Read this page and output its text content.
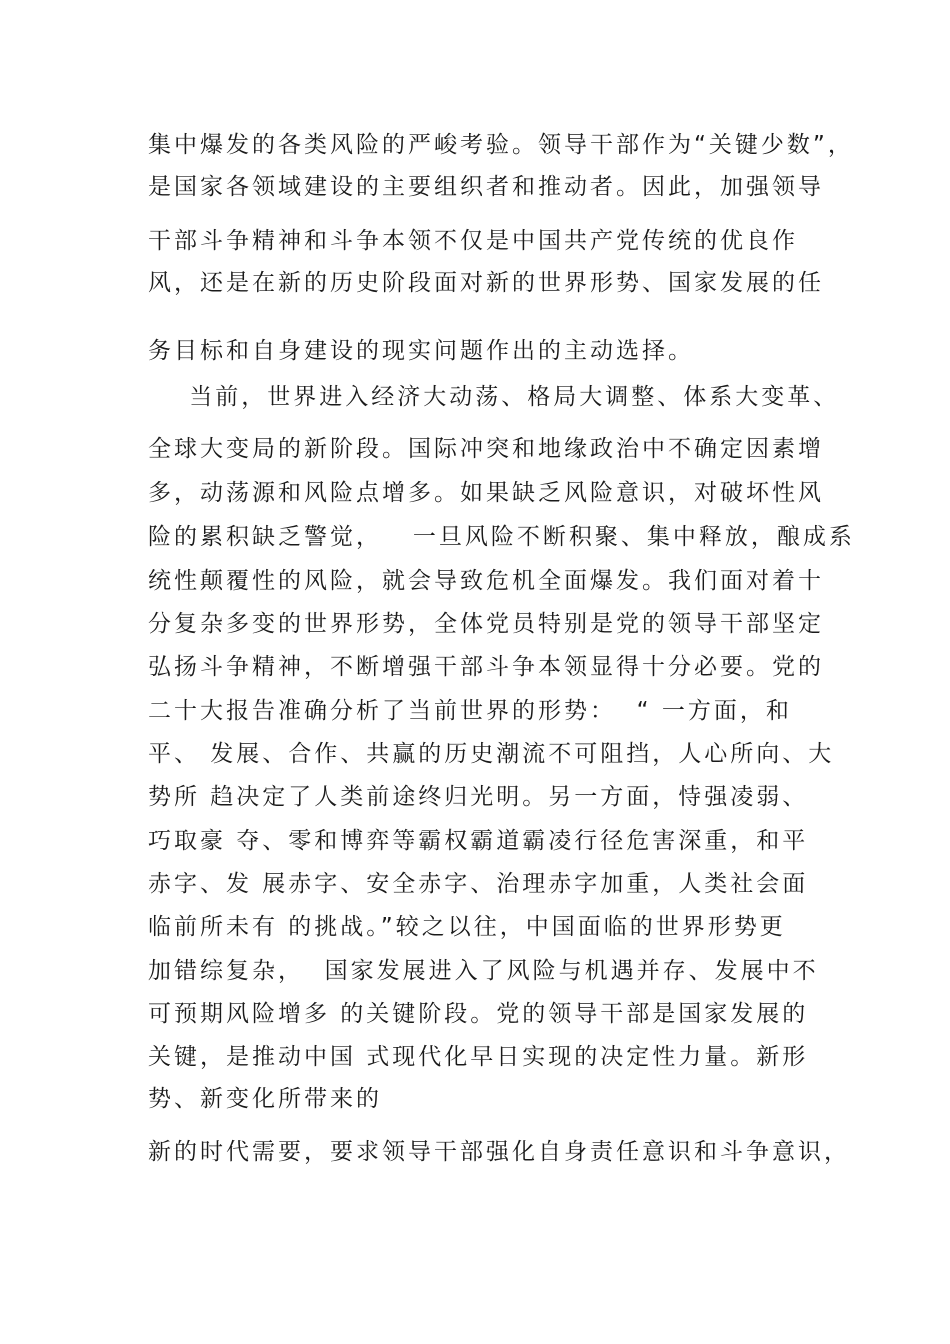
集中爆发的各类风险的严峻考验。领导干部作为“关键少数”，
是国家各领域建设的主要组织者和推动者。因此，加强领导
干部斗争精神和斗争本领不仅是中国共产党传统的优良作
风，还是在新的历史阶段面对新的世界形势、国家发展的任
务目标和自身建设的现实问题作出的主动选择。
当前，世界进入经济大动荡、格局大调整、体系大变革、
全球大变局的新阶段。国际冲突和地缘政治中不确定因素增
多，动荡源和风险点增多。如果缺乏风险意识，对破坏性风
险的累积缺乏警觉，   一旦风险不断积聚、集中释放，酿成系
统性颠覆性的风险，就会导致危机全面爆发。我们面对着十
分复杂多变的世界形势，全体党员特别是党的领导干部坚定
弘扬斗争精神，不断增强干部斗争本领显得十分必要。党的
二十大报告准确分析了当前世界的形势：  “ 一方面，和
平、 发展、合作、共赢的历史潮流不可阻挡，人心所向、大
势所 趋决定了人类前途终归光明。另一方面，恃强凌弱、
巧取豪 夺、零和博弈等霸权霸道霸凌行径危害深重，和平
赤字、发 展赤字、安全赤字、治理赤字加重，人类社会面
临前所未有 的挑战。”较之以往，中国面临的世界形势更
加错综复杂，  国家发展进入了风险与机遇并存、发展中不
可预期风险增多 的关键阶段。党的领导干部是国家发展的
关键，是推动中国 式现代化早日实现的决定性力量。新形
势、新变化所带来的
新的时代需要，要求领导干部强化自身责任意识和斗争意识，
